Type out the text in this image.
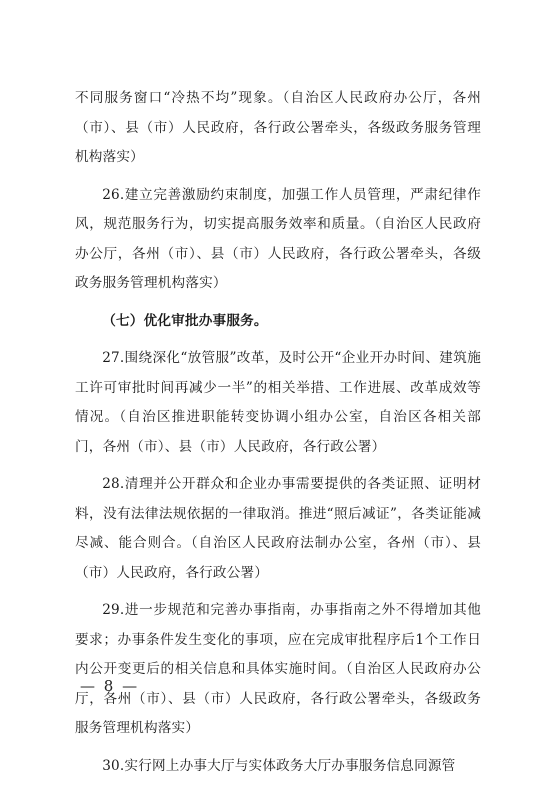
不同服务窗口“冷热不均”现象。（自治区人民政府办公厅，各州（市）、县（市）人民政府，各行政公署牵头，各级政务服务管理机构落实）

26.建立完善激励约束制度，加强工作人员管理，严肃纪律作风，规范服务行为，切实提高服务效率和质量。（自治区人民政府办公厅，各州（市）、县（市）人民政府，各行政公署牵头，各级政务服务管理机构落实）

（七）优化审批办事服务。

27.围绕深化“放管服”改革，及时公开“企业开办时间、建筑施工许可审批时间再减少一半”的相关举措、工作进展、改革成效等情况。（自治区推进职能转变协调小组办公室，自治区各相关部门，各州（市）、县（市）人民政府，各行政公署）

28.清理并公开群众和企业办事需要提供的各类证照、证明材料，没有法律法规依据的一律取消。推进“照后减证”，各类证能减尽减、能合则合。（自治区人民政府法制办公室，各州（市）、县（市）人民政府，各行政公署）

29.进一步规范和完善办事指南，办事指南之外不得增加其他要求；办事条件发生变化的事项，应在完成审批程序后1个工作日内公开变更后的相关信息和具体实施时间。（自治区人民政府办公厅，各州（市）、县（市）人民政府，各行政公署牵头，各级政务服务管理机构落实）

30.实行网上办事大厅与实体政务大厅办事服务信息同源管

— 8 —
